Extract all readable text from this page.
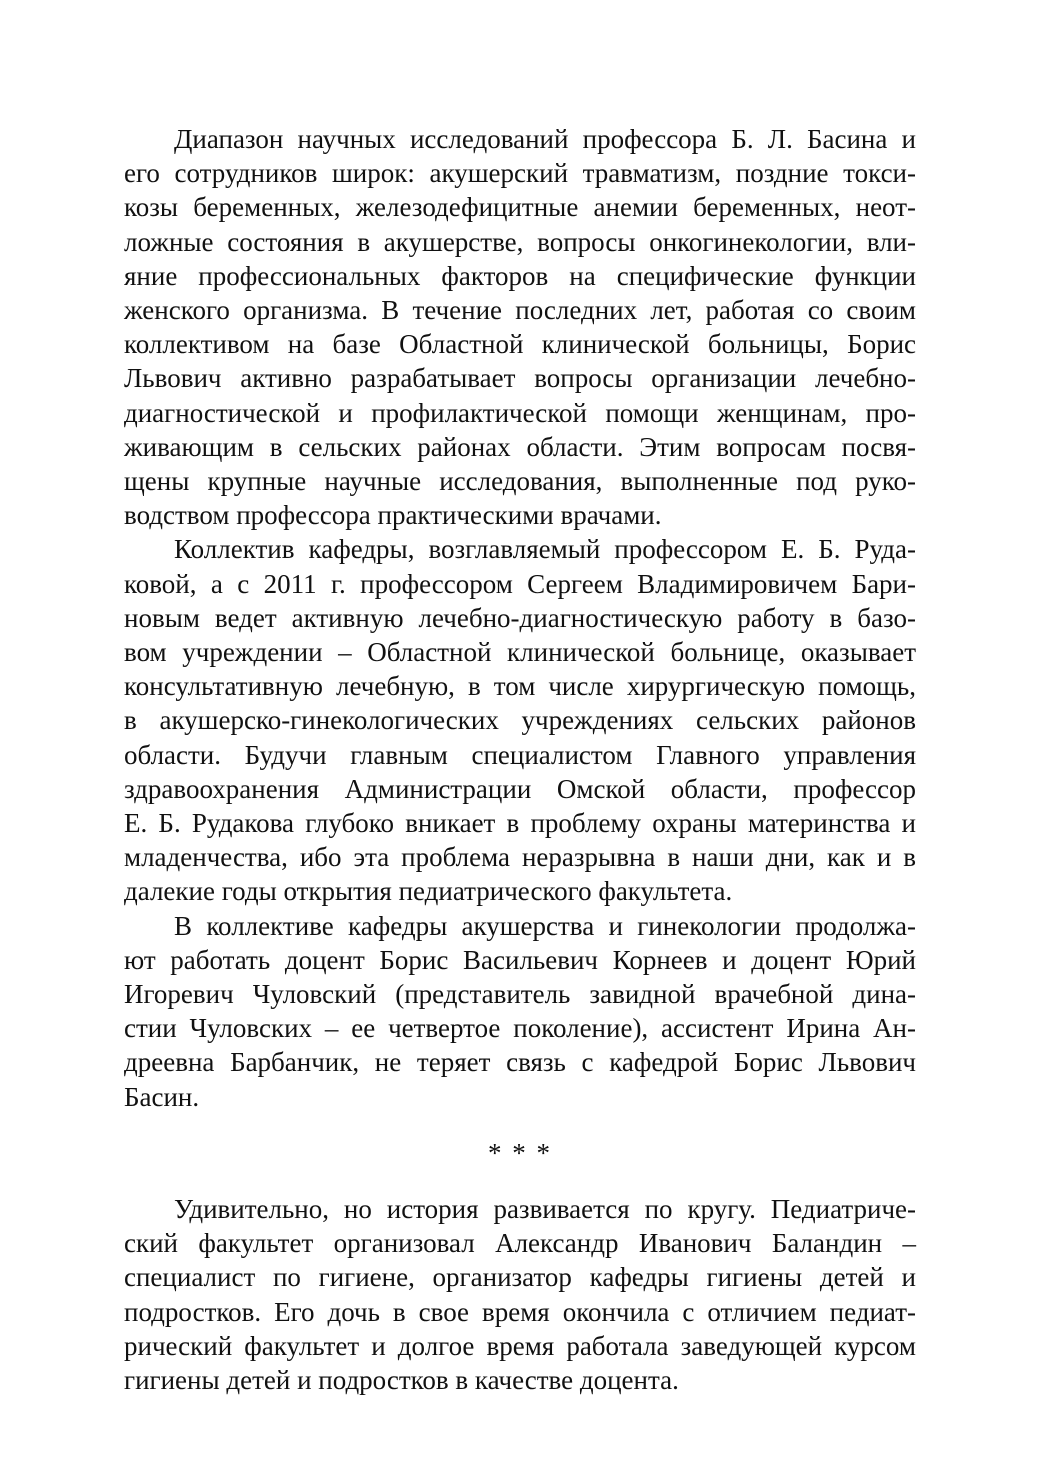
Диапазон научных исследований профессора Б. Л. Басина и
его сотрудников широк: акушерский травматизм, поздние токси-
козы беременных, железодефицитные анемии беременных, неот-
ложные состояния в акушерстве, вопросы онкогинекологии, вли-
яние профессиональных факторов на специфические функции
женского организма. В течение последних лет, работая со своим
коллективом на базе Областной клинической больницы, Борис
Львович активно разрабатывает вопросы организации лечебно-
диагностической и профилактической помощи женщинам, про-
живающим в сельских районах области. Этим вопросам посвя-
щены крупные научные исследования, выполненные под руко-
водством профессора практическими врачами.
Коллектив кафедры, возглавляемый профессором Е. Б. Руда-
ковой, а с 2011 г. профессором Сергеем Владимировичем Бари-
новым ведет активную лечебно-диагностическую работу в базо-
вом учреждении – Областной клинической больнице, оказывает
консультативную лечебную, в том числе хирургическую помощь,
в акушерско-гинекологических учреждениях сельских районов
области. Будучи главным специалистом Главного управления
здравоохранения Администрации Омской области, профессор
Е. Б. Рудакова глубоко вникает в проблему охраны материнства и
младенчества, ибо эта проблема неразрывна в наши дни, как и в
далекие годы открытия педиатрического факультета.
В коллективе кафедры акушерства и гинекологии продолжа-
ют работать доцент Борис Васильевич Корнеев и доцент Юрий
Игоревич Чуловский (представитель завидной врачебной дина-
стии Чуловских – ее четвертое поколение), ассистент Ирина Ан-
дреевна Барбанчик, не теряет связь с кафедрой Борис Львович
Басин.
* * *
Удивительно, но история развивается по кругу. Педиатриче-
ский факультет организовал Александр Иванович Баландин –
специалист по гигиене, организатор кафедры гигиены детей и
подростков. Его дочь в свое время окончила с отличием педиат-
рический факультет и долгое время работала заведующей курсом
гигиены детей и подростков в качестве доцента.
